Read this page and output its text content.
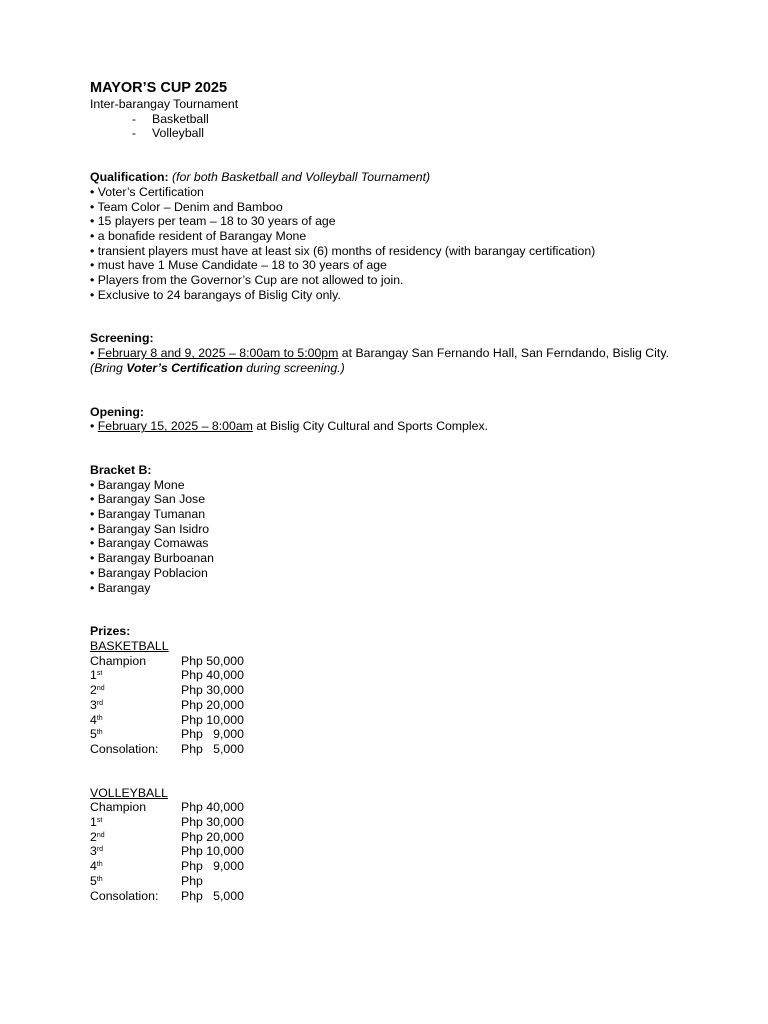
MAYOR’S CUP 2025
Inter-barangay Tournament
-	Basketball
-	Volleyball
Qualification: (for both Basketball and Volleyball Tournament)
• Voter’s Certification
• Team Color – Denim and Bamboo
• 15 players per team – 18 to 30 years of age
• a bonafide resident of Barangay Mone
• transient players must have at least six (6) months of residency (with barangay certification)
• must have 1 Muse Candidate – 18 to 30 years of age
• Players from the Governor’s Cup are not allowed to join.
• Exclusive to 24 barangays of Bislig City only.
Screening:
• February 8 and 9, 2025 – 8:00am to 5:00pm at Barangay San Fernando Hall, San Ferndando, Bislig City.
(Bring Voter’s Certification during screening.)
Opening:
• February 15, 2025 – 8:00am at Bislig City Cultural and Sports Complex.
Bracket B:
• Barangay Mone
• Barangay San Jose
• Barangay Tumanan
• Barangay San Isidro
• Barangay Comawas
• Barangay Burboanan
• Barangay Poblacion
• Barangay
Prizes:
BASKETBALL
Champion	Php 50,000
1st	Php 40,000
2nd	Php 30,000
3rd	Php 20,000
4th	Php 10,000
5th	Php   9,000
Consolation:	Php   5,000
VOLLEYBALL
Champion	Php 40,000
1st	Php 30,000
2nd	Php 20,000
3rd	Php 10,000
4th	Php   9,000
5th	Php
Consolation:	Php   5,000
